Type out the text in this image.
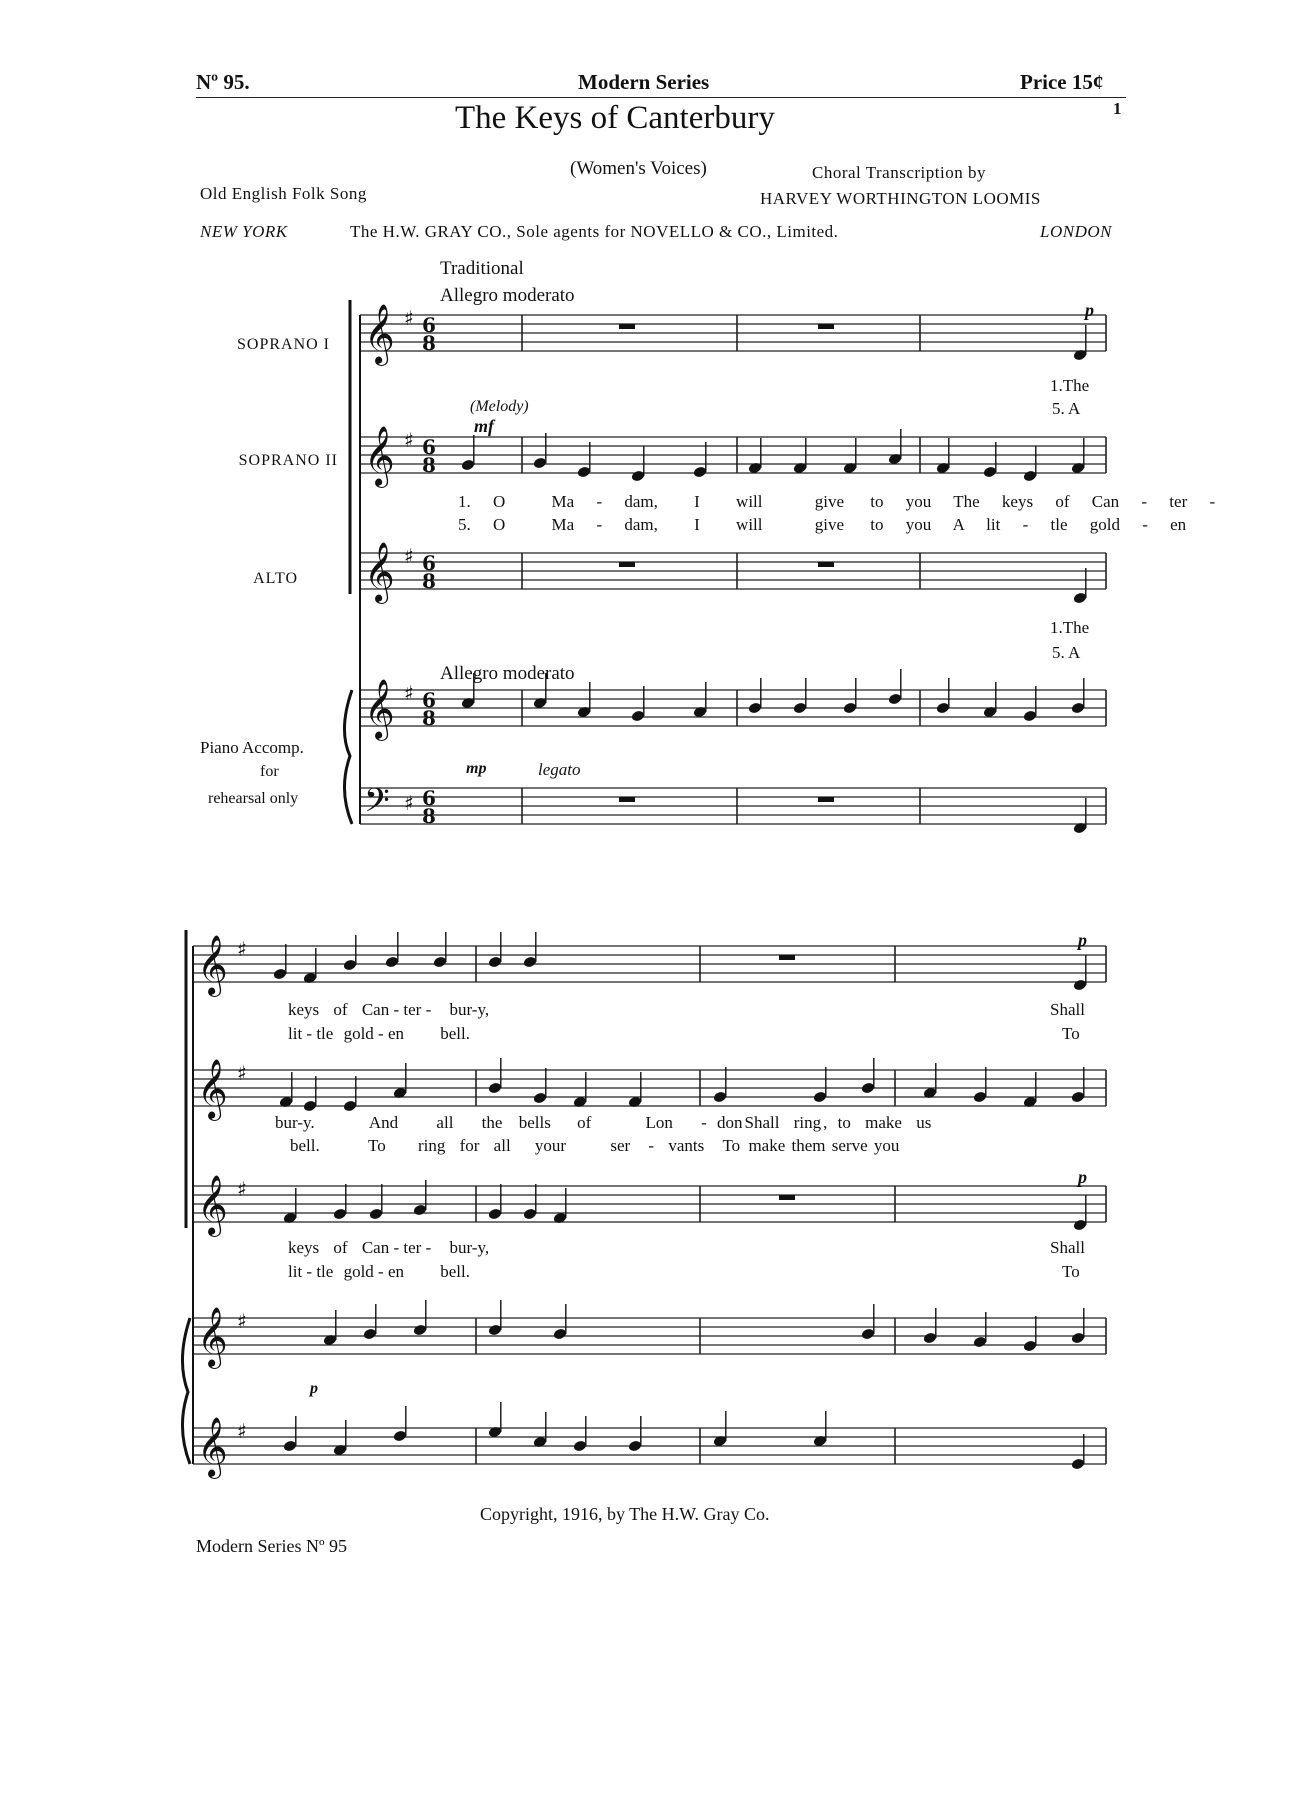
Nº 95.	Modern Series	Price 15¢
1
The Keys of Canterbury
(Women's Voices)	Choral Transcription by
Old English Folk Song	HARVEY WORTHINGTON LOOMIS
NEW YORK	The H.W. GRAY CO., Sole agents for NOVELLO & CO., Limited.	LONDON
Traditional
Allegro moderato
SOPRANO I
SOPRANO II
ALTO
Piano Accomp.
for
rehearsal only
𝄞 ♯
𝄞 ♯
𝄞 ♯
𝄞 ♯
𝄢 ♯
6
8
6
8
6
8
6
8
6
8
𝄞 ♯
𝄞 ♯
𝄞 ♯
𝄞 ♯
𝄞 ♯
p
1.The
5. A
(Melody)
mf
1. O	Ma - dam, I will	give to you The keys of Can - ter -
5. O	Ma - dam, I will	give to you A lit - tle gold - en
1.The
5. A
Allegro moderato
mp	legato
p
keys of Can - ter - bur-y,	Shall
lit - tle gold - en bell.	To
bur-y.	And all the bells of	Lon - don Shall ring , to make us
bell.	To ring for all your	ser - vants To make them serve you
p
keys of Can - ter - bur-y,	Shall
lit - tle gold - en bell.	To
p
Copyright, 1916, by The H.W. Gray Co.
Modern Series Nº 95
